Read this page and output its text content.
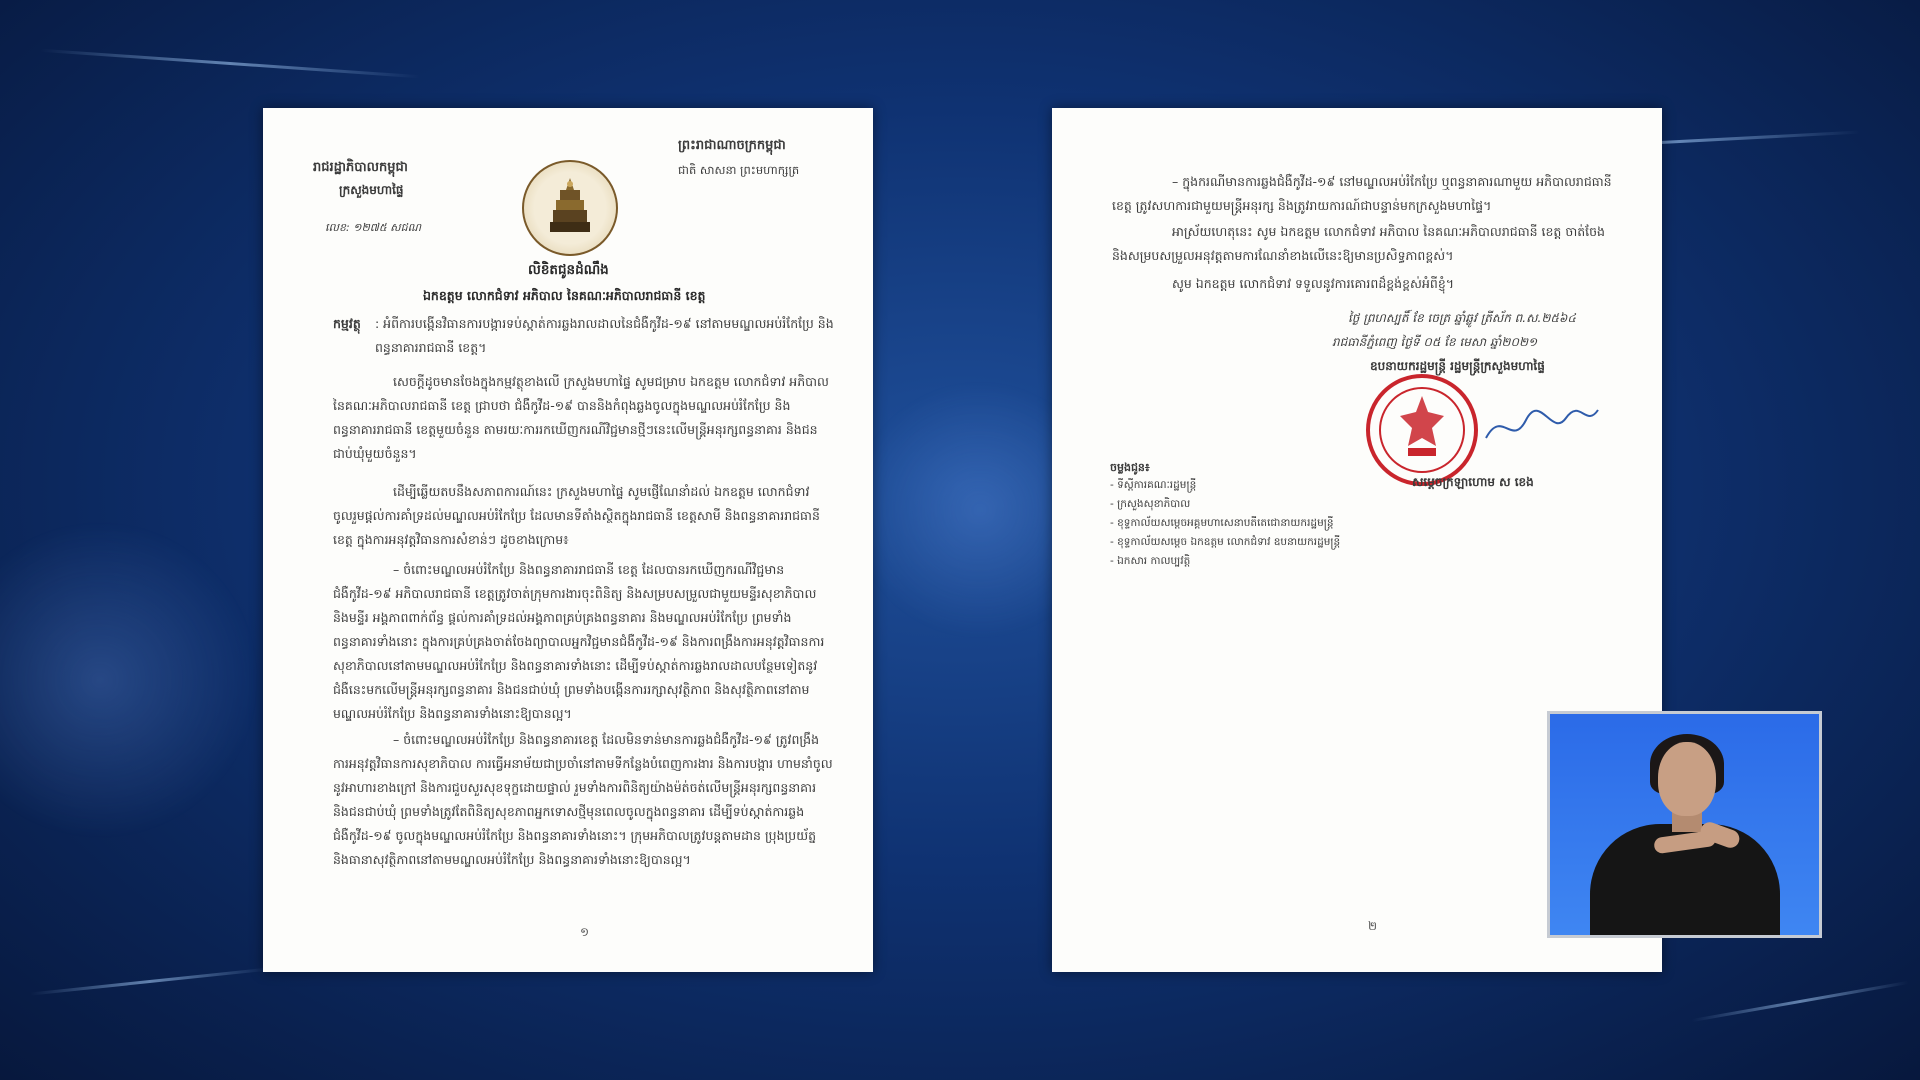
រាជរដ្ឋាភិបាលកម្ពុជា
ក្រសួងមហាផ្ទៃ
លេខ: ១២៧៥ សជណ
ព្រះរាជាណាចក្រកម្ពុជា
ជាតិ សាសនា ព្រះមហាក្សត្រ
លិខិតជូនដំណឹង
ឯកឧត្តម លោកជំទាវ អភិបាល នៃគណៈអភិបាលរាជធានី ខេត្ត
កម្មវត្ថុ : អំពីការបង្កើនវិធានការបង្ការទប់ស្កាត់ការឆ្លងរាលដាលនៃជំងឺកូវីដ-១៩ នៅតាមមណ្ឌលអប់រំកែប្រែ និងពន្ធនាគាររាជធានី ខេត្ត។
សេចក្តីដូចមានចែងក្នុងកម្មវត្ថុខាងលើ ក្រសួងមហាផ្ទៃ សូមជម្រាប ឯកឧត្តម លោកជំទាវ អភិបាល នៃគណៈអភិបាលរាជធានី ខេត្ត ជ្រាបថា ជំងឺកូវីដ-១៩ បាននិងកំពុងឆ្លងចូលក្នុងមណ្ឌលអប់រំកែប្រែ និងពន្ធនាគាររាជធានី ខេត្តមួយចំនួន តាមរយៈការរកឃើញករណីវិជ្ជមានថ្មីៗនេះលើមន្ត្រីអនុរក្សពន្ធនាគារ និងជនជាប់ឃុំមួយចំនួន។
ដើម្បីឆ្លើយតបនឹងសភាពការណ៍នេះ ក្រសួងមហាផ្ទៃ សូមផ្ញើណែនាំដល់ ឯកឧត្តម លោកជំទាវ ចូលរួមផ្តល់ការគាំទ្រដល់មណ្ឌលអប់រំកែប្រែ ដែលមានទីតាំងស្ថិតក្នុងរាជធានី ខេត្តសាមី និងពន្ធនាគាររាជធានី ខេត្ត ក្នុងការអនុវត្តវិធានការសំខាន់ៗ ដូចខាងក្រោម៖
– ចំពោះមណ្ឌលអប់រំកែប្រែ និងពន្ធនាគាររាជធានី ខេត្ត ដែលបានរកឃើញករណីវិជ្ជមានជំងឺកូវីដ-១៩ អភិបាលរាជធានី ខេត្តត្រូវចាត់ក្រុមការងារចុះពិនិត្យ និងសម្របសម្រួលជាមួយមន្ទីរសុខាភិបាល និងមន្ទីរ អង្គភាពពាក់ព័ន្ធ ផ្តល់ការគាំទ្រដល់អង្គភាពគ្រប់គ្រងពន្ធនាគារ និងមណ្ឌលអប់រំកែប្រែ ព្រមទាំងពន្ធនាគារទាំងនោះ ក្នុងការគ្រប់គ្រងចាត់ចែងព្យាបាលអ្នកវិជ្ជមានជំងឺកូវីដ-១៩ និងការពង្រឹងការអនុវត្តវិធានការសុខាភិបាលនៅតាមមណ្ឌលអប់រំកែប្រែ និងពន្ធនាគារទាំងនោះ ដើម្បីទប់ស្កាត់ការឆ្លងរាលដាលបន្ថែមទៀតនូវជំងឺនេះមកលើមន្ត្រីអនុរក្សពន្ធនាគារ និងជនជាប់ឃុំ ព្រមទាំងបង្កើនការរក្សាសុវត្ថិភាព និងសុវត្ថិភាពនៅតាមមណ្ឌលអប់រំកែប្រែ និងពន្ធនាគារទាំងនោះឱ្យបានល្អ។
– ចំពោះមណ្ឌលអប់រំកែប្រែ និងពន្ធនាគារខេត្ត ដែលមិនទាន់មានការឆ្លងជំងឺកូវីដ-១៩ ត្រូវពង្រឹងការអនុវត្តវិធានការសុខាភិបាល ការធ្វើអនាម័យជាប្រចាំនៅតាមទីកន្លែងបំពេញការងារ និងការបង្ការ ហាមនាំចូលនូវអាហារខាងក្រៅ និងការជួបសួរសុខទុក្ខដោយផ្ទាល់ រួមទាំងការពិនិត្យយ៉ាងម៉ត់ចត់លើមន្ត្រីអនុរក្សពន្ធនាគារ និងជនជាប់ឃុំ ព្រមទាំងត្រូវតែពិនិត្យសុខភាពអ្នកទោសថ្មីមុនពេលចូលក្នុងពន្ធនាគារ ដើម្បីទប់ស្កាត់ការឆ្លងជំងឺកូវីដ-១៩ ចូលក្នុងមណ្ឌលអប់រំកែប្រែ និងពន្ធនាគារទាំងនោះ។ ក្រុមអភិបាលត្រូវបន្តតាមដាន ប្រុងប្រយ័ត្ន និងធានាសុវត្ថិភាពនៅតាមមណ្ឌលអប់រំកែប្រែ និងពន្ធនាគារទាំងនោះឱ្យបានល្អ។
១
– ក្នុងករណីមានការឆ្លងជំងឺកូវីដ-១៩ នៅមណ្ឌលអប់រំកែប្រែ ឬពន្ធនាគារណាមួយ អភិបាលរាជធានី ខេត្ត ត្រូវសហការជាមួយមន្ត្រីអនុរក្ស និងត្រូវរាយការណ៍ជាបន្ទាន់មកក្រសួងមហាផ្ទៃ។
អាស្រ័យហេតុនេះ សូម ឯកឧត្តម លោកជំទាវ អភិបាល នៃគណៈអភិបាលរាជធានី ខេត្ត ចាត់ចែង និងសម្របសម្រួលអនុវត្តតាមការណែនាំខាងលើនេះឱ្យមានប្រសិទ្ធភាពខ្ពស់។
សូម ឯកឧត្តម លោកជំទាវ ទទួលនូវការគោរពដ៏ខ្ពង់ខ្ពស់អំពីខ្ញុំ។
ថ្ងៃ ព្រហស្បតិ៍ ខែ ចេត្រ ឆ្នាំឆ្លូវ ត្រីស័ក ព.ស.២៥៦៤
រាជធានីភ្នំពេញ ថ្ងៃទី ០៥ ខែ មេសា ឆ្នាំ២០២១
ឧបនាយករដ្ឋមន្ត្រី រដ្ឋមន្ត្រីក្រសួងមហាផ្ទៃ
សម្តេចក្រឡាហោម ស ខេង
ចម្លងជូន៖
- ទីស្តីការគណៈរដ្ឋមន្ត្រី
- ក្រសួងសុខាភិបាល
- ខុទ្ទកាល័យសម្តេចអគ្គមហាសេនាបតីតេជោនាយករដ្ឋមន្ត្រី
- ខុទ្ទកាល័យសម្តេច ឯកឧត្តម លោកជំទាវ ឧបនាយករដ្ឋមន្ត្រី
- ឯកសារ កាលប្បវត្តិ
២
